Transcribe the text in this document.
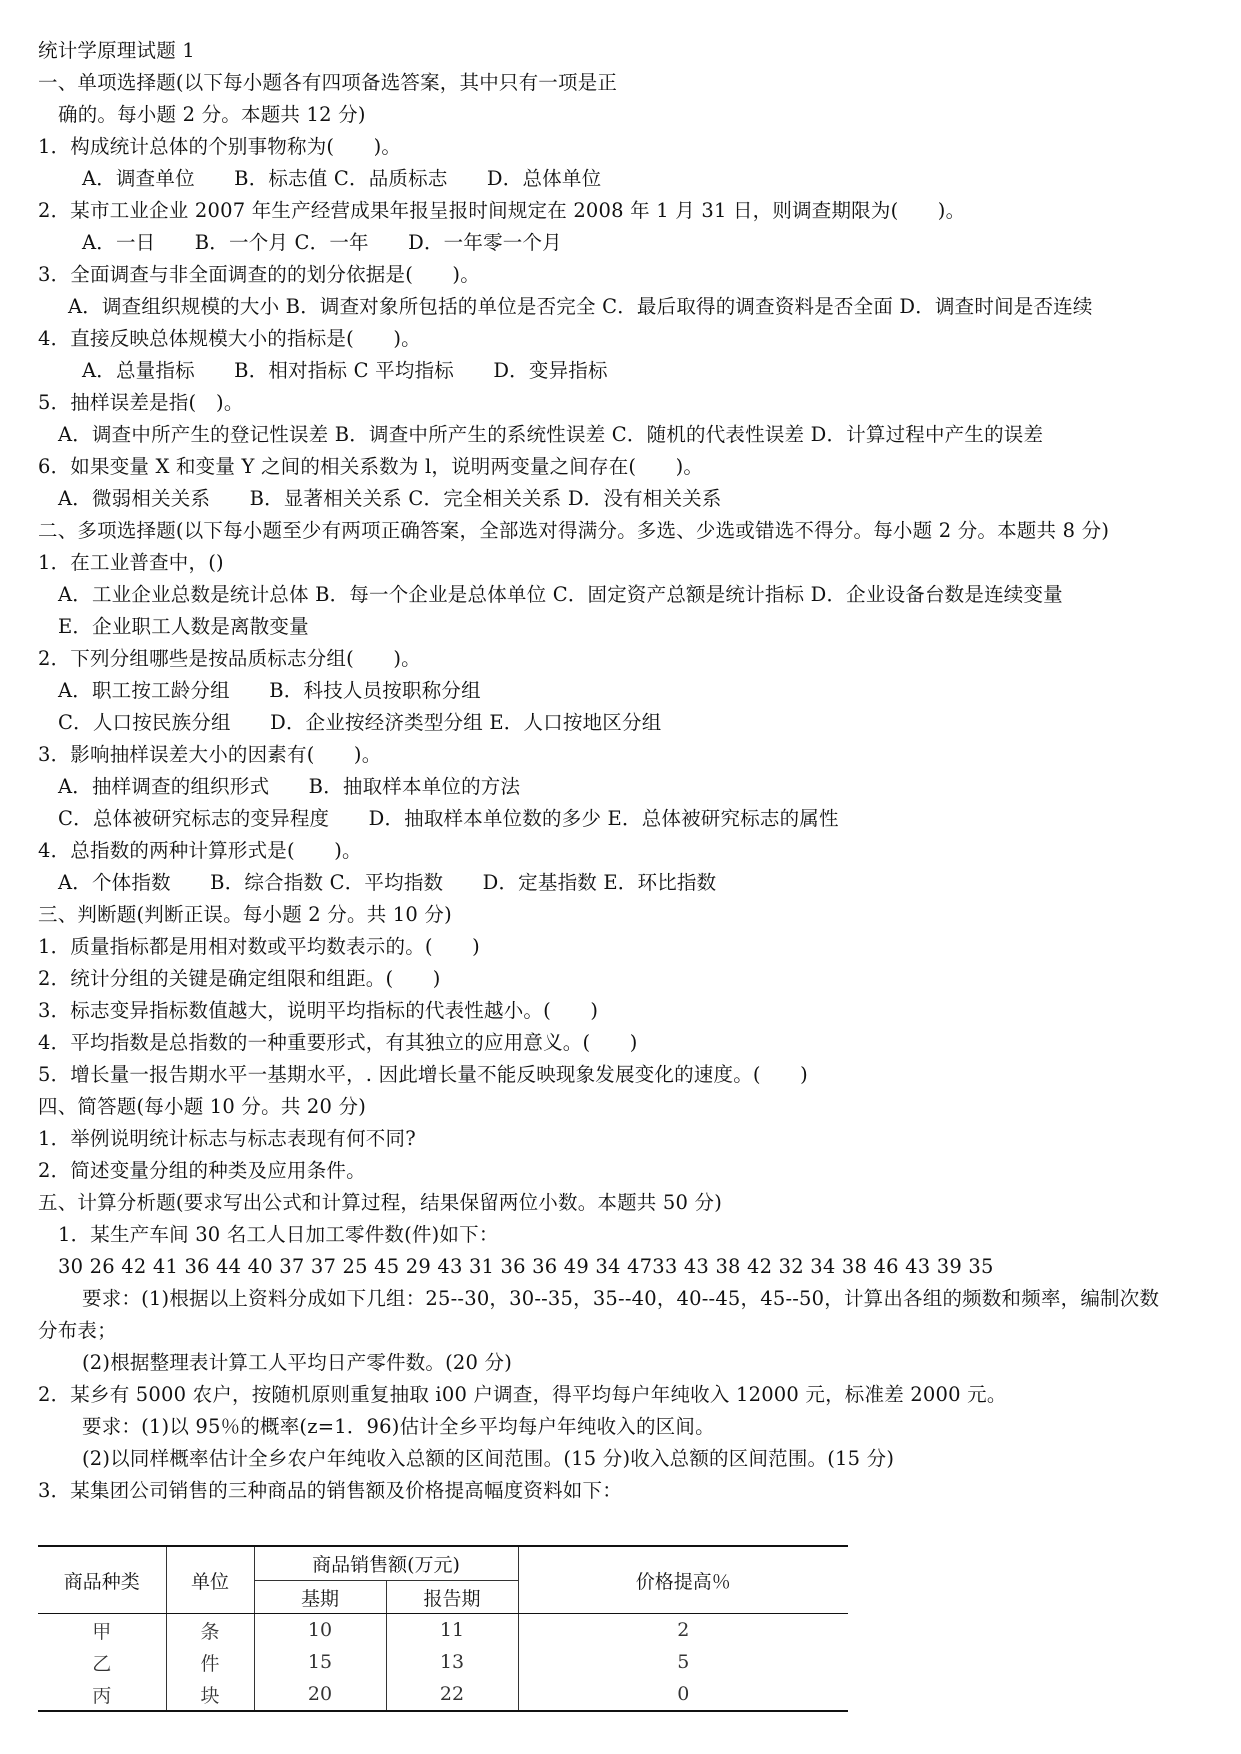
统计学原理试题 1
一、单项选择题(以下每小题各有四项备选答案，其中只有一项是正
确的。每小题 2 分。本题共 12 分)
1．构成统计总体的个别事物称为(　　)。
A．调查单位　　B．标志值 C．品质标志　　D．总体单位
2．某市工业企业 2007 年生产经营成果年报呈报时间规定在 2008 年 1 月 31 日，则调查期限为(　　)。
A．一日　　B．一个月 C．一年　　D．一年零一个月
3．全面调查与非全面调查的的划分依据是(　　)。
A．调查组织规模的大小 B．调查对象所包括的单位是否完全 C．最后取得的调查资料是否全面 D．调查时间是否连续
4．直接反映总体规模大小的指标是(　　)。
A．总量指标　　B．相对指标 C 平均指标　　D．变异指标
5．抽样误差是指(　)。
A．调查中所产生的登记性误差 B．调查中所产生的系统性误差 C．随机的代表性误差 D．计算过程中产生的误差
6．如果变量 X 和变量 Y 之间的相关系数为 l，说明两变量之间存在(　　)。
A．微弱相关关系　　B．显著相关关系 C．完全相关关系 D．没有相关关系
二、多项选择题(以下每小题至少有两项正确答案，全部选对得满分。多选、少选或错选不得分。每小题 2 分。本题共 8 分)
1．在工业普查中，()
A．工业企业总数是统计总体 B．每一个企业是总体单位 C．固定资产总额是统计指标 D．企业设备台数是连续变量
E．企业职工人数是离散变量
2．下列分组哪些是按品质标志分组(　　)。
A．职工按工龄分组　　B．科技人员按职称分组
C．人口按民族分组　　D．企业按经济类型分组 E．人口按地区分组
3．影响抽样误差大小的因素有(　　)。
A．抽样调查的组织形式　　B．抽取样本单位的方法
C．总体被研究标志的变异程度　　D．抽取样本单位数的多少 E．总体被研究标志的属性
4．总指数的两种计算形式是(　　)。
A．个体指数　　B．综合指数 C．平均指数　　D．定基指数 E．环比指数
三、判断题(判断正误。每小题 2 分。共 10 分)
1．质量指标都是用相对数或平均数表示的。(　　)
2．统计分组的关键是确定组限和组距。(　　)
3．标志变异指标数值越大，说明平均指标的代表性越小。(　　)
4．平均指数是总指数的一种重要形式，有其独立的应用意义。(　　)
5．增长量一报告期水平一基期水平，. 因此增长量不能反映现象发展变化的速度。(　　)
四、简答题(每小题 10 分。共 20 分)
1．举例说明统计标志与标志表现有何不同?
2．简述变量分组的种类及应用条件。
五、计算分析题(要求写出公式和计算过程，结果保留两位小数。本题共 50 分)
1．某生产车间 30 名工人日加工零件数(件)如下：
30 26 42 41 36 44 40 37 37 25 45 29 43 31 36 36 49 34 4733 43 38 42 32 34 38 46 43 39 35
要求：(1)根据以上资料分成如下几组：25--30，30--35，35--40，40--45，45--50，计算出各组的频数和频率，编制次数
分布表；
(2)根据整理表计算工人平均日产零件数。(20 分)
2．某乡有 5000 农户，按随机原则重复抽取 i00 户调查，得平均每户年纯收入 12000 元，标准差 2000 元。
要求：(1)以 95％的概率(z=1．96)估计全乡平均每户年纯收入的区间。
(2)以同样概率估计全乡农户年纯收入总额的区间范围。(15 分)收入总额的区间范围。(15 分)
3．某集团公司销售的三种商品的销售额及价格提高幅度资料如下：
商品种类	单位	商品销售额(万元)		价格提高％
		基期	报告期	
甲	条	10	11	2
乙	件	15	13	5
丙	块	20	22	0
